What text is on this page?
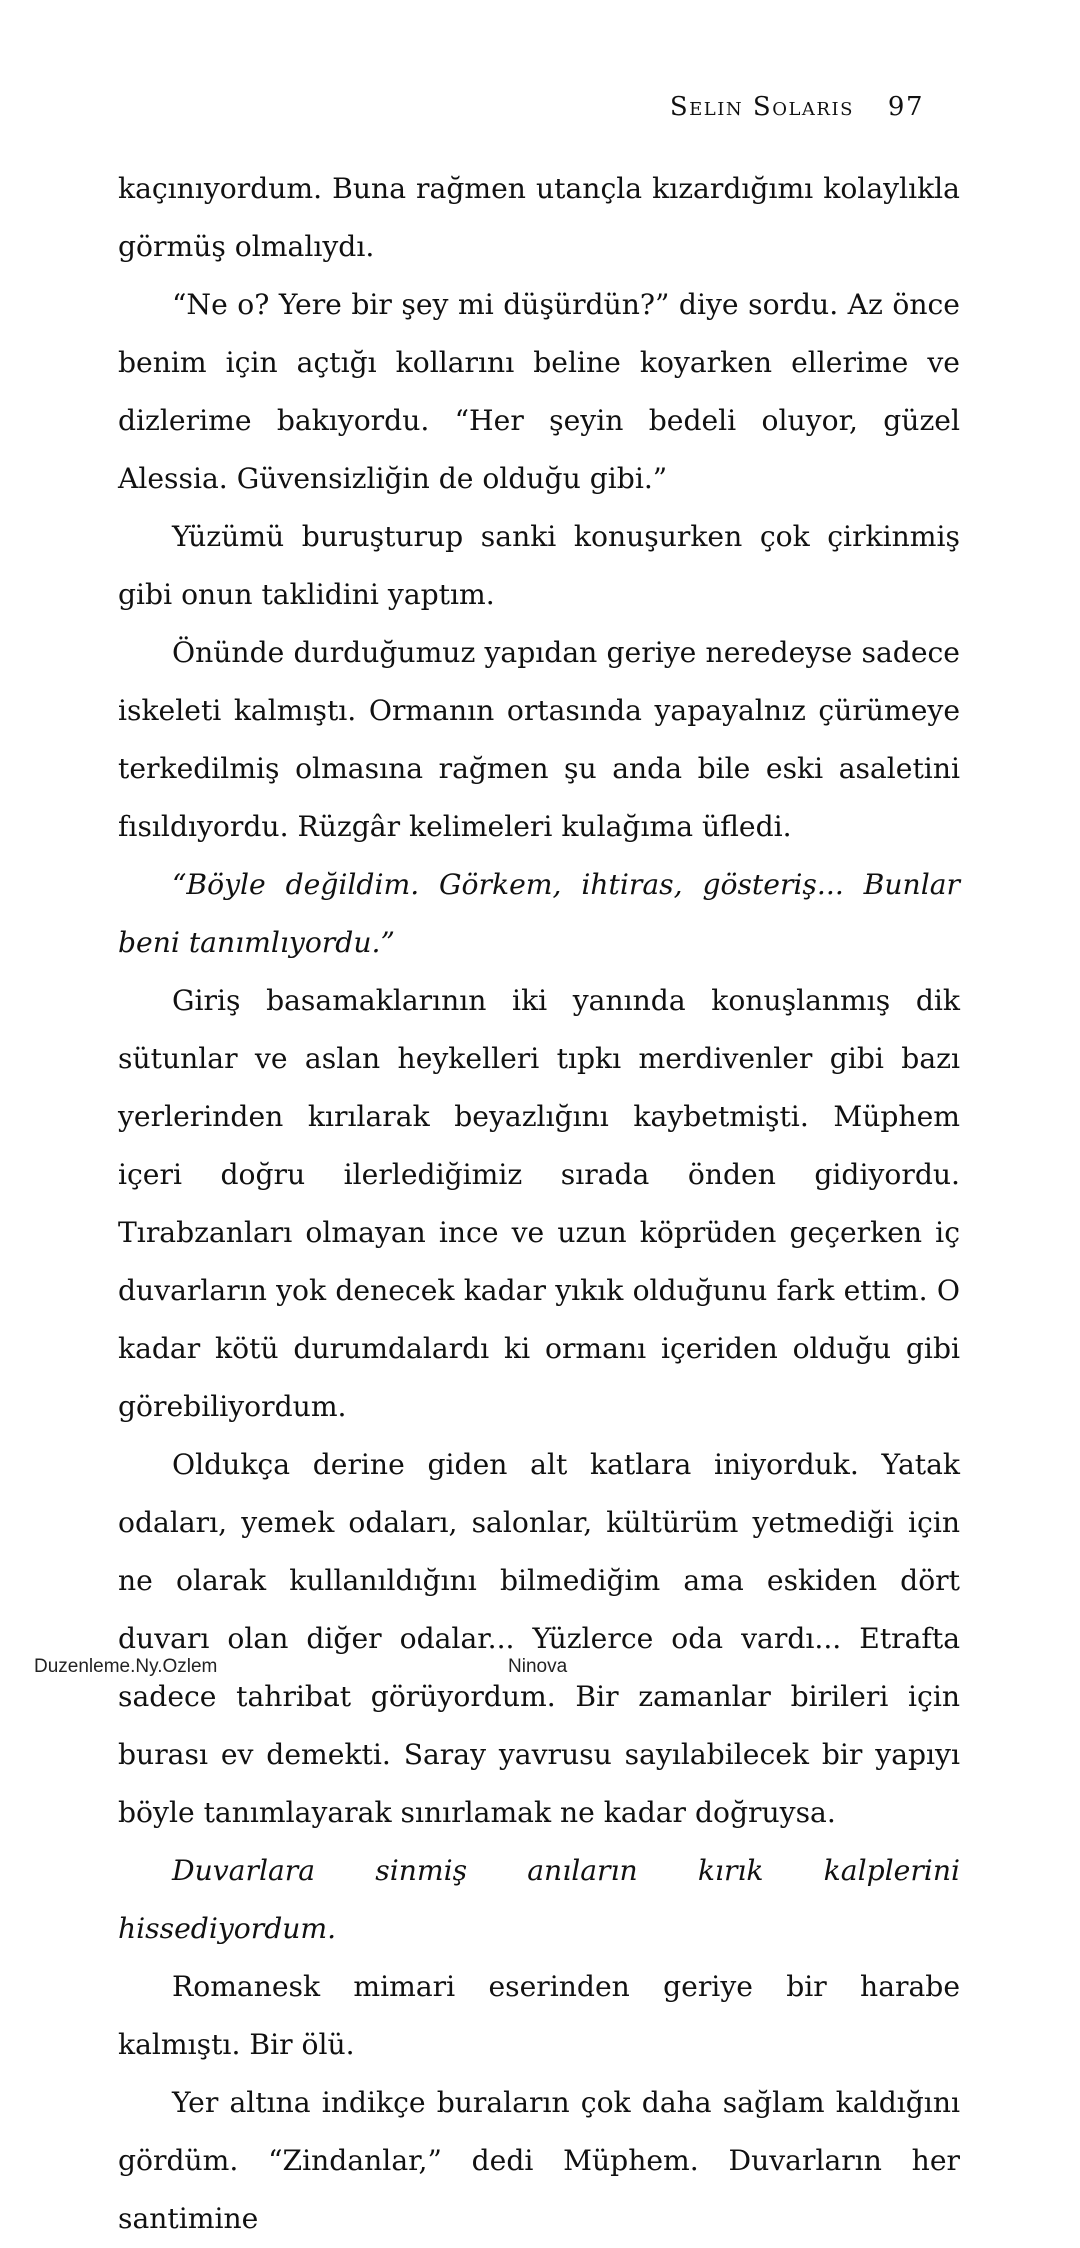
Selin Solaris 97

kaçınıyordum. Buna rağmen utançla kızardığımı kolaylıkla görmüş olmalıydı.

“Ne o? Yere bir şey mi düşürdün?” diye sordu. Az önce benim için açtığı kollarını beline koyarken ellerime ve dizlerime bakıyordu. “Her şeyin bedeli oluyor, güzel Alessia. Güvensizliğin de olduğu gibi.”

Yüzümü buruşturup sanki konuşurken çok çirkinmiş gibi onun taklidini yaptım.

Önünde durduğumuz yapıdan geriye neredeyse sadece iskeleti kalmıştı. Ormanın ortasında yapayalnız çürümeye terkedilmiş olmasına rağmen şu anda bile eski asaletini fısıldıyordu. Rüzgâr kelimeleri kulağıma üfledi.

“Böyle değildim. Görkem, ihtiras, gösteriş... Bunlar beni tanımlıyordu.”

Giriş basamaklarının iki yanında konuşlanmış dik sütunlar ve aslan heykelleri tıpkı merdivenler gibi bazı yerlerinden kırılarak beyazlığını kaybetmişti. Müphem içeri doğru ilerlediğimiz sırada önden gidiyordu. Tırabzanları olmayan ince ve uzun köprüden geçerken iç duvarların yok denecek kadar yıkık olduğunu fark ettim. O kadar kötü durumdalardı ki ormanı içeriden olduğu gibi görebiliyordum.

Oldukça derine giden alt katlara iniyorduk. Yatak odaları, yemek odaları, salonlar, kültürüm yetmediği için ne olarak kullanıldığını bilmediğim ama eskiden dört duvarı olan diğer odalar... Yüzlerce oda vardı... Etrafta sadece tahribat görüyordum. Bir zamanlar birileri için burası ev demekti. Saray yavrusu sayılabilecek bir yapıyı böyle tanımlayarak sınırlamak ne kadar doğruysa.

Duvarlara sinmiş anıların kırık kalplerini hissediyordum.

Romanesk mimari eserinden geriye bir harabe kalmıştı. Bir ölü.

Yer altına indikçe buraların çok daha sağlam kaldığını gördüm. “Zindanlar,” dedi Müphem. Duvarların her santimine

Duzenleme.Ny.Ozlem	Ninova
